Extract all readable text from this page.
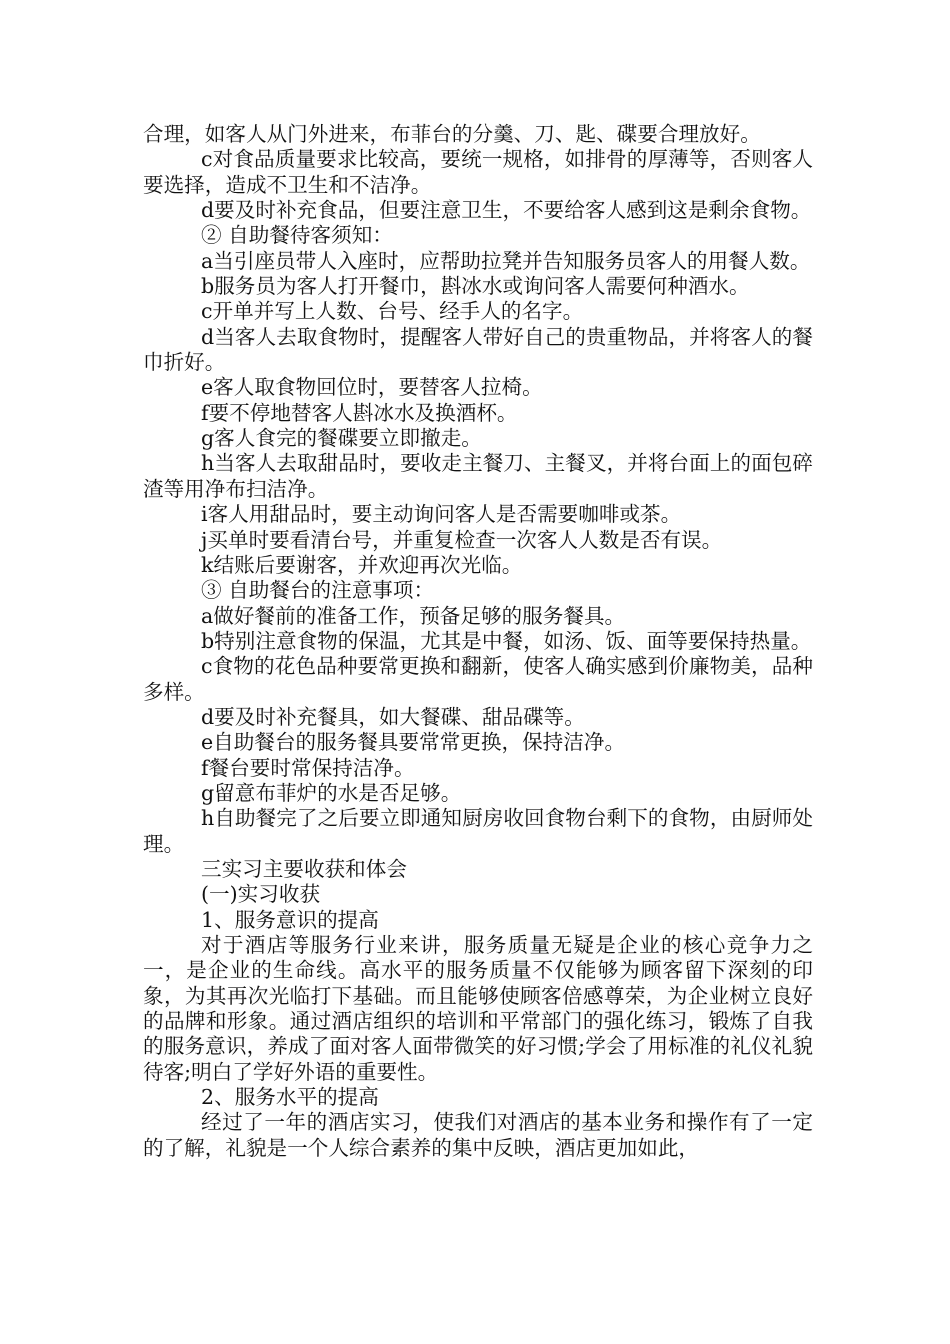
合理，如客人从门外进来，布菲台的分羹、刀、匙、碟要合理放好。

c对食品质量要求比较高，要统一规格，如排骨的厚薄等，否则客人要选择，造成不卫生和不洁净。

d要及时补充食品，但要注意卫生，不要给客人感到这是剩余食物。

② 自助餐待客须知：

a当引座员带人入座时，应帮助拉凳并告知服务员客人的用餐人数。

b服务员为客人打开餐巾，斟冰水或询问客人需要何种酒水。

c开单并写上人数、台号、经手人的名字。

d当客人去取食物时，提醒客人带好自己的贵重物品，并将客人的餐巾折好。

e客人取食物回位时，要替客人拉椅。

f要不停地替客人斟冰水及换酒杯。

g客人食完的餐碟要立即撤走。

h当客人去取甜品时，要收走主餐刀、主餐叉，并将台面上的面包碎渣等用净布扫洁净。

i客人用甜品时，要主动询问客人是否需要咖啡或茶。

j买单时要看清台号，并重复检查一次客人人数是否有误。

k结账后要谢客，并欢迎再次光临。

③ 自助餐台的注意事项：

a做好餐前的准备工作，预备足够的服务餐具。

b特别注意食物的保温，尤其是中餐，如汤、饭、面等要保持热量。

c食物的花色品种要常更换和翻新，使客人确实感到价廉物美，品种多样。

d要及时补充餐具，如大餐碟、甜品碟等。

e自助餐台的服务餐具要常常更换，保持洁净。

f餐台要时常保持洁净。

g留意布菲炉的水是否足够。

h自助餐完了之后要立即通知厨房收回食物台剩下的食物，由厨师处理。

三实习主要收获和体会

(一)实习收获

1、服务意识的提高

对于酒店等服务行业来讲，服务质量无疑是企业的核心竞争力之一，是企业的生命线。高水平的服务质量不仅能够为顾客留下深刻的印象，为其再次光临打下基础。而且能够使顾客倍感尊荣，为企业树立良好的品牌和形象。通过酒店组织的培训和平常部门的强化练习，锻炼了自我的服务意识，养成了面对客人面带微笑的好习惯;学会了用标准的礼仪礼貌待客;明白了学好外语的重要性。

2、服务水平的提高

经过了一年的酒店实习，使我们对酒店的基本业务和操作有了一定的了解，礼貌是一个人综合素养的集中反映，酒店更加如此，
